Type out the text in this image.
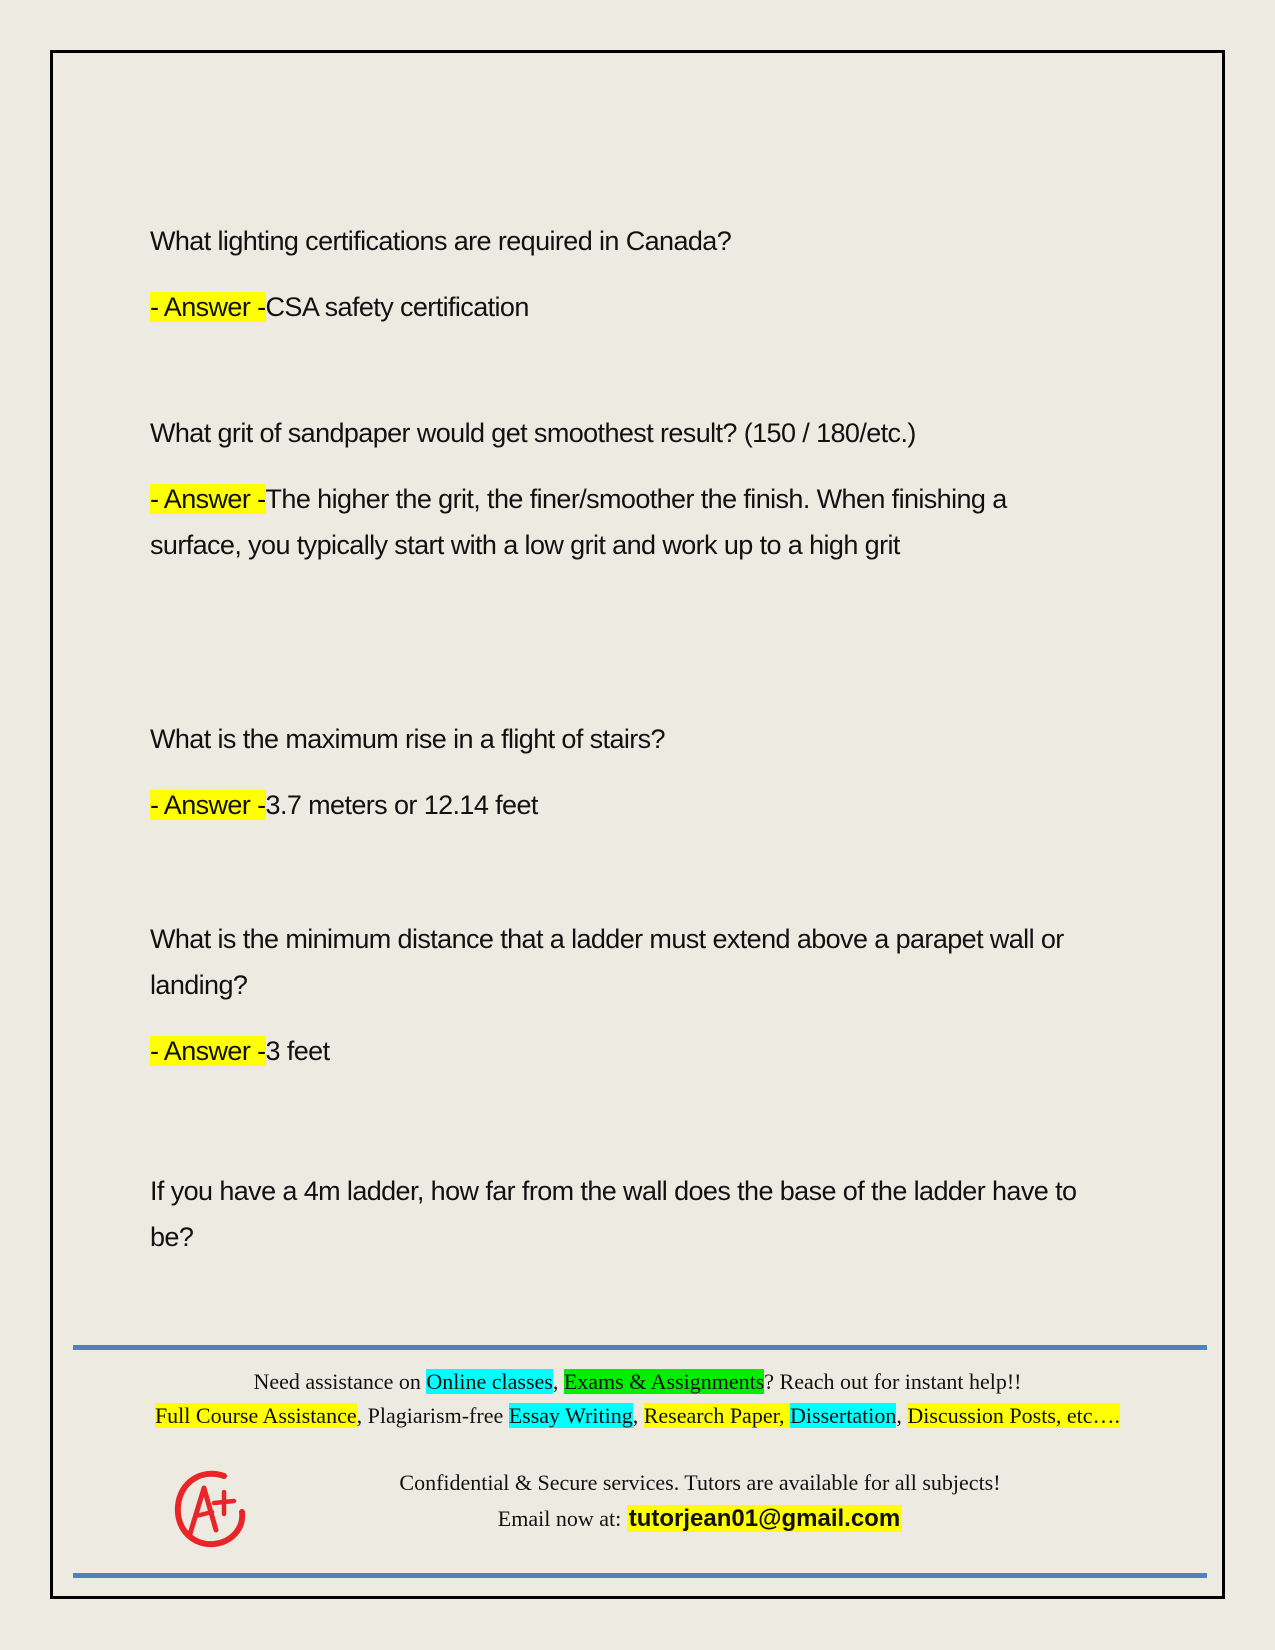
What lighting certifications are required in Canada?

- Answer -CSA safety certification

What grit of sandpaper would get smoothest result? (150 / 180/etc.)

- Answer -The higher the grit, the finer/smoother the finish. When finishing a surface, you typically start with a low grit and work up to a high grit

What is the maximum rise in a flight of stairs?

- Answer -3.7 meters or 12.14 feet

What is the minimum distance that a ladder must extend above a parapet wall or landing?

- Answer -3 feet

If you have a 4m ladder, how far from the wall does the base of the ladder have to be?

Need assistance on Online classes, Exams & Assignments? Reach out for instant help!!
Full Course Assistance, Plagiarism-free Essay Writing, Research Paper, Dissertation, Discussion Posts, etc….
Confidential & Secure services. Tutors are available for all subjects!
Email now at: tutorjean01@gmail.com
